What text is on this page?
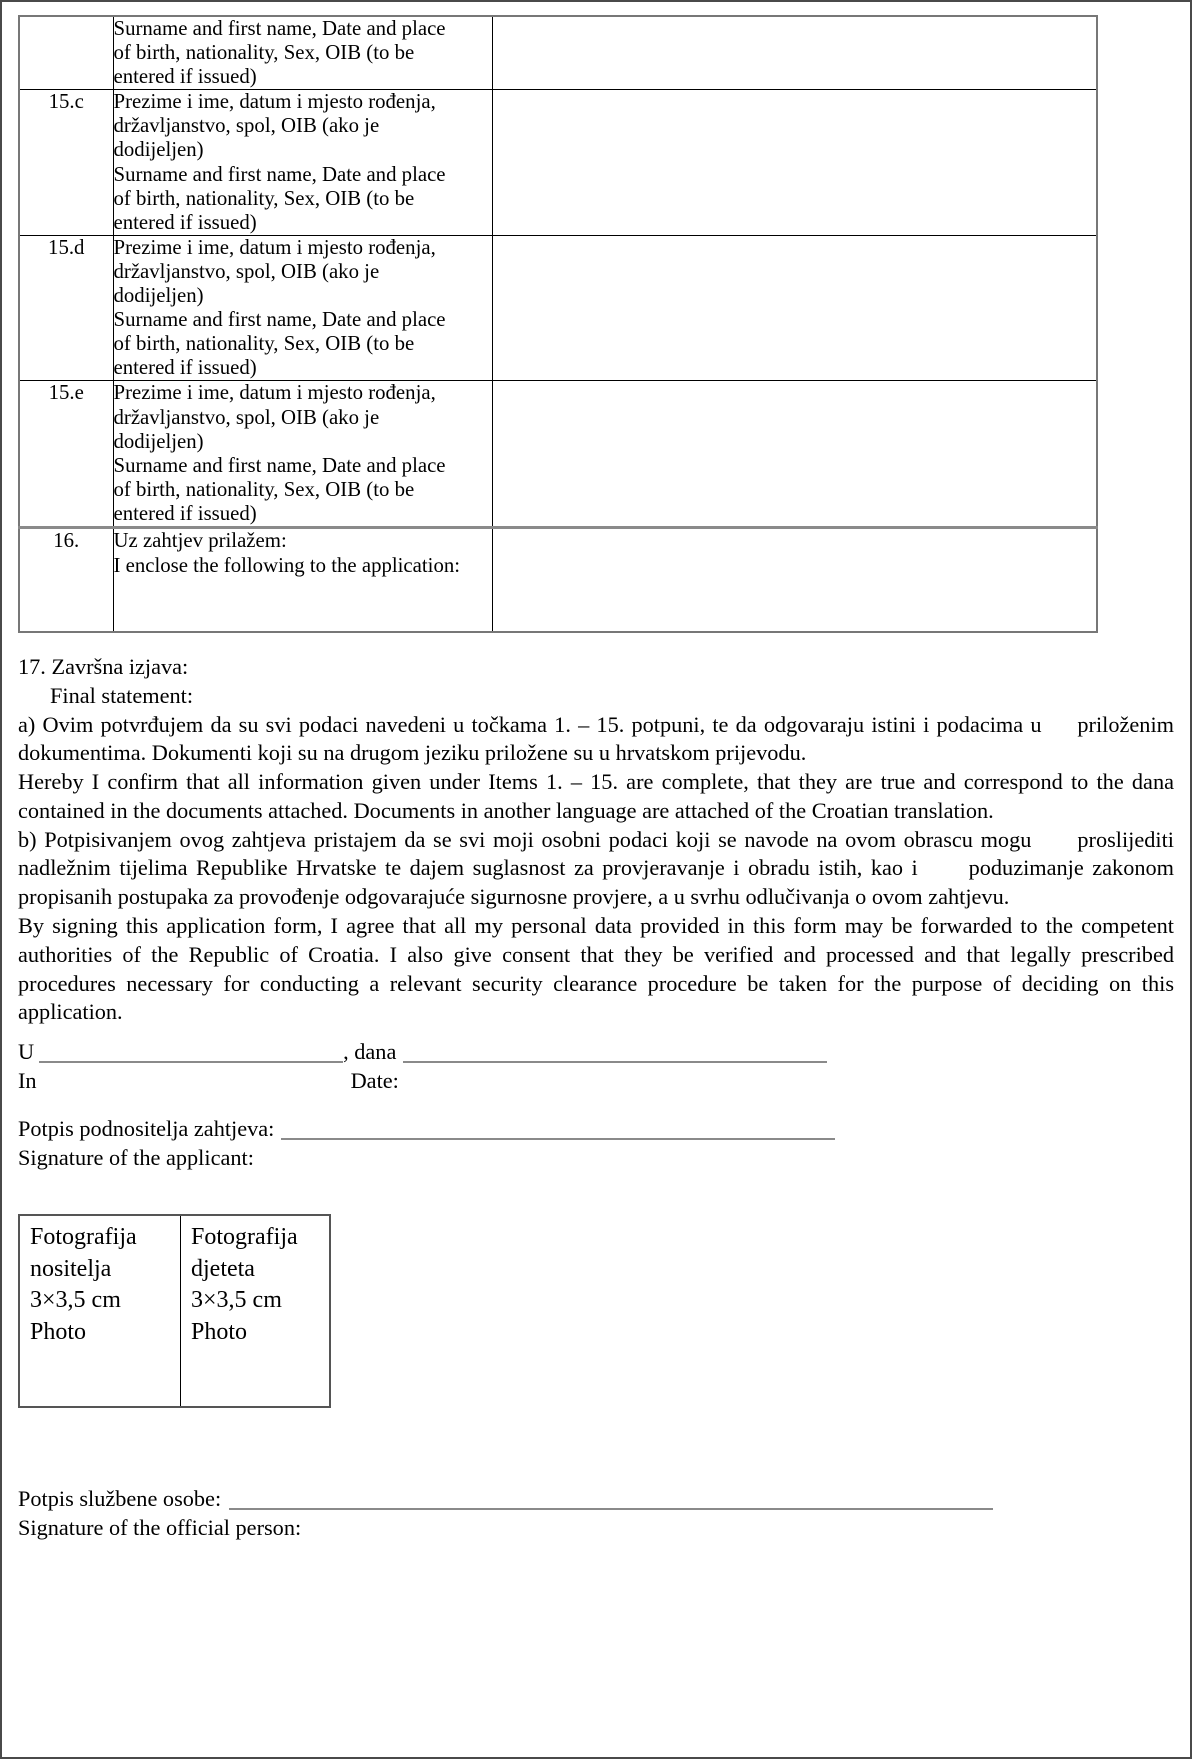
	Surname and first name, Date and place
of birth, nationality, Sex, OIB (to be
entered if issued)	

15.c	Prezime i ime, datum i mjesto rođenja,
državljanstvo, spol, OIB (ako je
dodijeljen)
Surname and first name, Date and place
of birth, nationality, Sex, OIB (to be
entered if issued)

15.d	Prezime i ime, datum i mjesto rođenja,
državljanstvo, spol, OIB (ako je
dodijeljen)
Surname and first name, Date and place
of birth, nationality, Sex, OIB (to be
entered if issued)

15.e	Prezime i ime, datum i mjesto rođenja,
državljanstvo, spol, OIB (ako je
dodijeljen)
Surname and first name, Date and place
of birth, nationality, Sex, OIB (to be
entered if issued)

16.	Uz zahtjev prilažem:
I enclose the following to the application:	

17. Završna izjava:
Final statement:

a) Ovim potvrđujem da su svi podaci navedeni u točkama 1. – 15. potpuni, te da odgovaraju istini i podacima u     priloženim dokumentima. Dokumenti koji su na drugom jeziku priložene su u hrvatskom prijevodu.

Hereby I confirm that all information given under Items 1. – 15. are complete, that they are true and correspond to the dana contained in the documents attached. Documents in another language are attached of the Croatian translation.

b) Potpisivanjem ovog zahtjeva pristajem da se svi moji osobni podaci koji se navode na ovom obrascu mogu      proslijediti nadležnim tijelima Republike Hrvatske te dajem suglasnost za provjeravanje i obradu istih, kao i      poduzimanje zakonom propisanih postupaka za provođenje odgovarajuće sigurnosne provjere, a u svrhu odlučivanja o ovom zahtjevu.

By signing this application form, I agree that all my personal data provided in this form may be forwarded to the competent authorities of the Republic of Croatia. I also give consent that they be verified and processed and that legally prescribed procedures necessary for conducting a relevant security clearance procedure be taken for the purpose of deciding on this application.

U	, dana
In	Date:
Potpis podnositelja zahtjeva:
Signature of the applicant:
Fotografija
nositelja
3×3,5 cm
Photo

Fotografija
djeteta
3×3,5 cm
Photo
Potpis službene osobe:
Signature of the official person:
